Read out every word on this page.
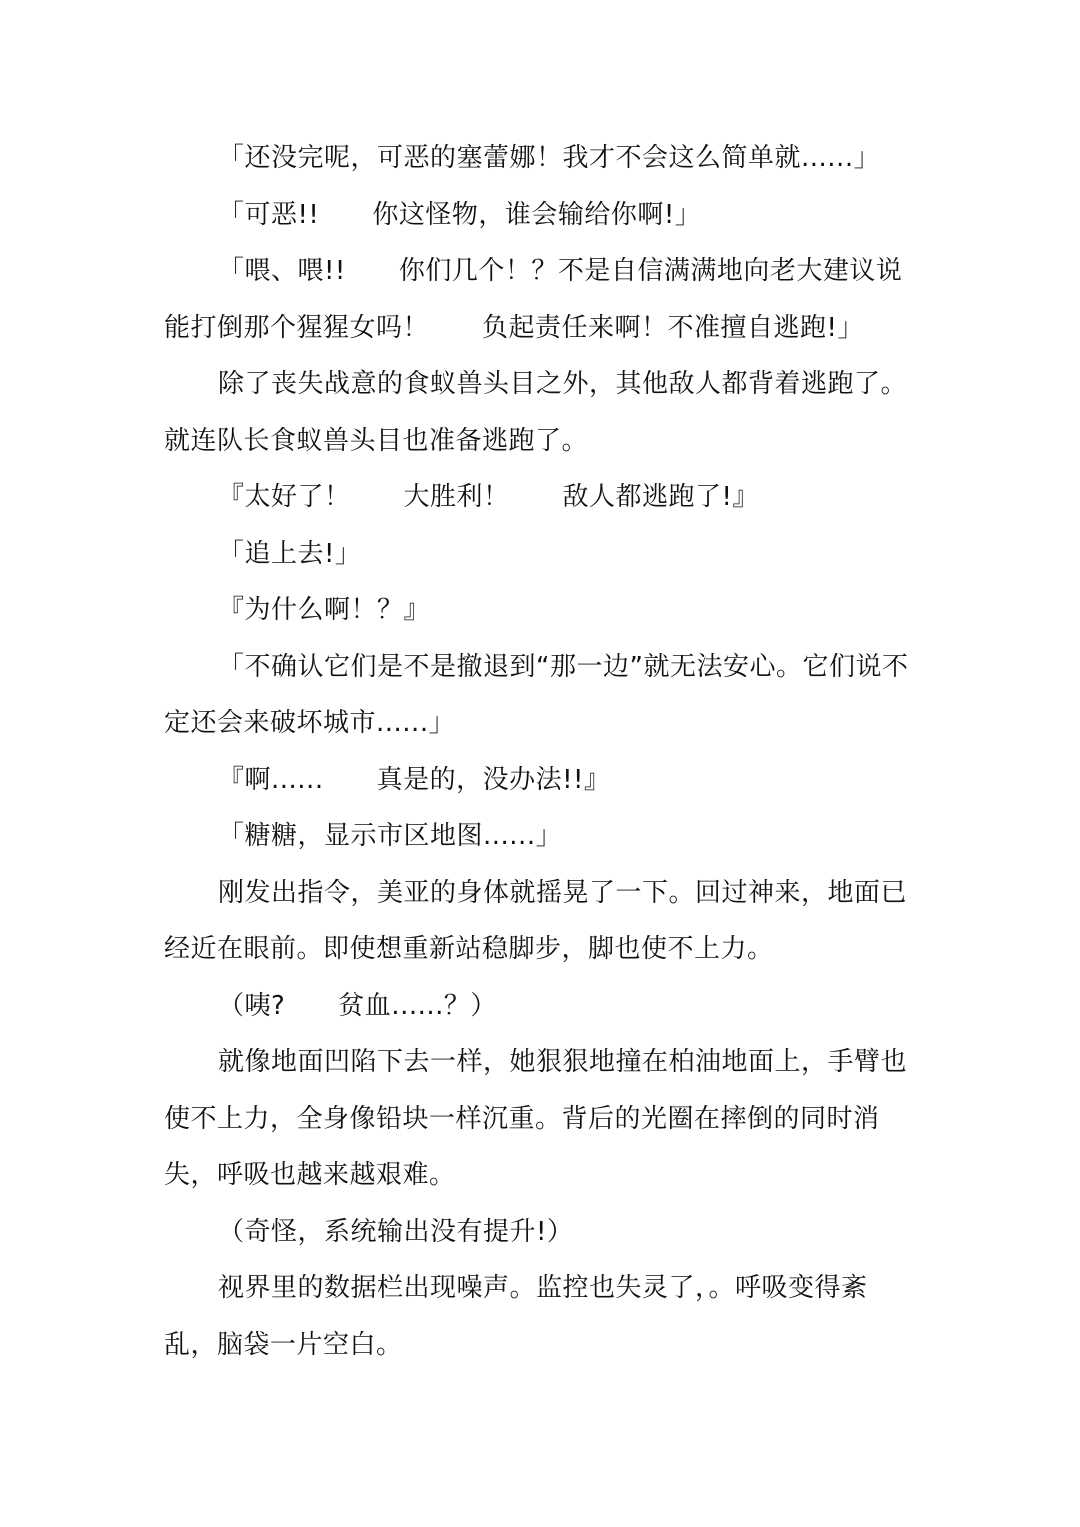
「还没完呢，可恶的塞蕾娜！我才不会这么简单就......」

「可恶!!　　你这怪物，谁会输给你啊!」

「喂、喂!!　　你们几个！？不是自信满满地向老大建议说能打倒那个猩猩女吗！　　负起责任来啊！不准擅自逃跑!」

除了丧失战意的食蚁兽头目之外，其他敌人都背着逃跑了。就连队长食蚁兽头目也准备逃跑了。

『太好了！　　大胜利！　　敌人都逃跑了!』

「追上去!」

『为什么啊！？』

「不确认它们是不是撤退到“那一边”就无法安心。它们说不定还会来破坏城市......」

『啊......　　真是的，没办法!!』

「糖糖，显示市区地图......」

刚发出指令，美亚的身体就摇晃了一下。回过神来，地面已经近在眼前。即使想重新站稳脚步，脚也使不上力。

（咦?　　贫血......？）

就像地面凹陷下去一样，她狠狠地撞在柏油地面上，手臂也使不上力，全身像铅块一样沉重。背后的光圈在摔倒的同时消失，呼吸也越来越艰难。

（奇怪，系统输出没有提升!）

视界里的数据栏出现噪声。监控也失灵了，。呼吸变得紊乱，脑袋一片空白。
